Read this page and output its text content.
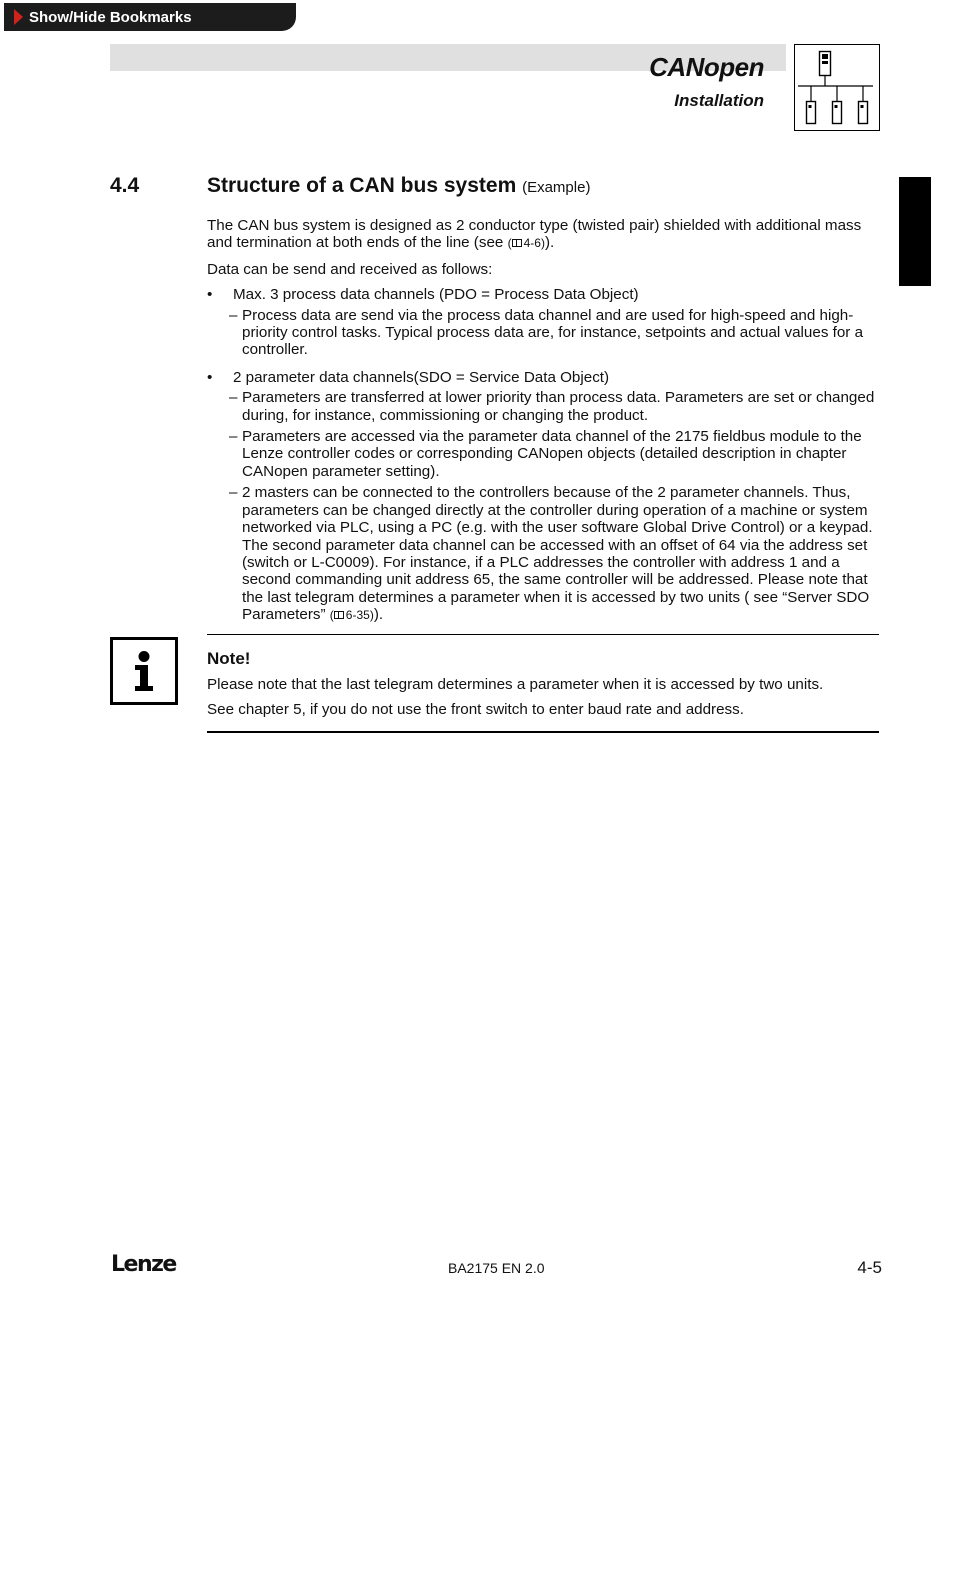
Show/Hide Bookmarks
CANopen
Installation
4.4	Structure of a CAN bus system (Example)

The CAN bus system is designed as 2 conductor type (twisted pair) shielded with additional mass and termination at both ends of the line (see ( 4-6)).

Data can be send and received as follows:

• Max. 3 process data channels (PDO = Process Data Object)
– Process data are send via the process data channel and are used for high-speed and high-priority control tasks. Typical process data are, for instance, setpoints and actual values for a controller.
• 2 parameter data channels(SDO = Service Data Object)
– Parameters are transferred at lower priority than process data. Parameters are set or changed during, for instance, commissioning or changing the product.
– Parameters are accessed via the parameter data channel of the 2175 fieldbus module to the Lenze controller codes or corresponding CANopen objects (detailed description in chapter CANopen parameter setting).
– 2 masters can be connected to the controllers because of the 2 parameter channels. Thus, parameters can be changed directly at the controller during operation of a machine or system networked via PLC, using a PC (e.g. with the user software Global Drive Control) or a keypad. The second parameter data channel can be accessed with an offset of 64 via the address set (switch or L-C0009). For instance, if a PLC addresses the controller with address 1 and a second commanding unit address 65, the same controller will be addressed. Please note that the last telegram determines a parameter when it is accessed by two units ( see “Server SDO Parameters” ( 6-35)).
Note!
Please note that the last telegram determines a parameter when it is accessed by two units.
See chapter 5, if you do not use the front switch to enter baud rate and address.
Lenze	BA2175 EN 2.0	4-5
